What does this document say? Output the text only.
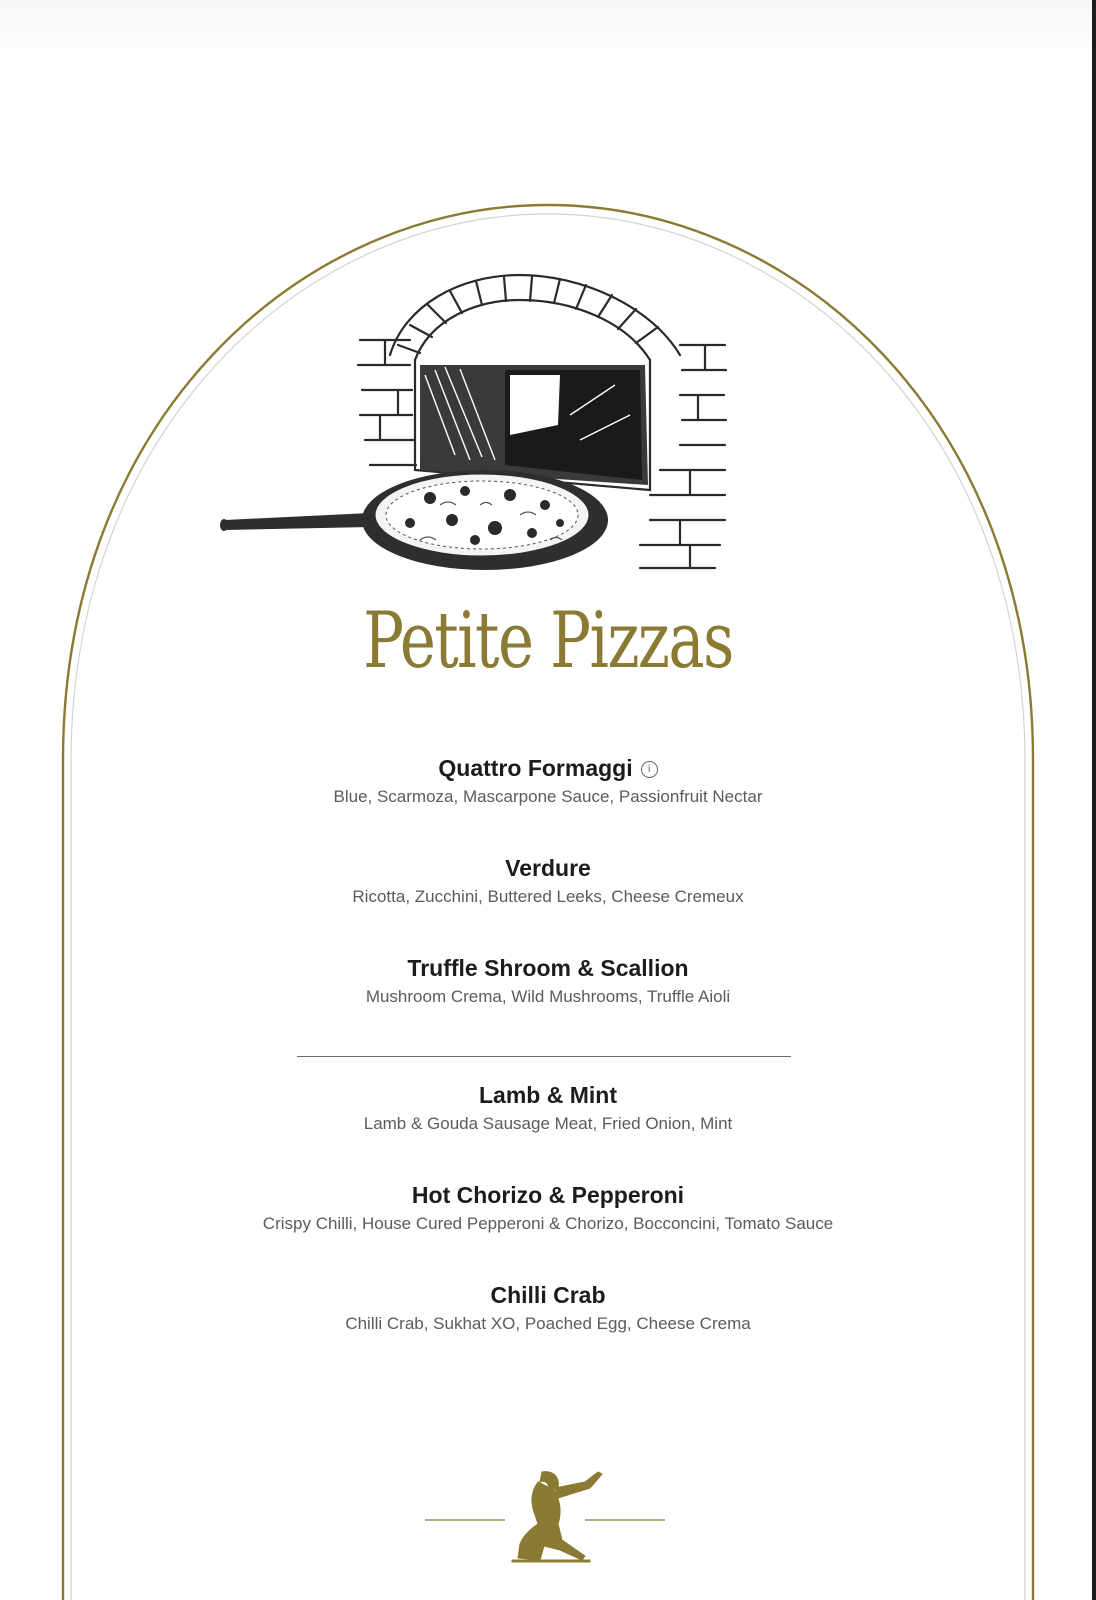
Petite Pizzas
Quattro Formaggi i
Blue, Scarmoza, Mascarpone Sauce, Passionfruit Nectar
Verdure
Ricotta, Zucchini, Buttered Leeks, Cheese Cremeux
Truffle Shroom & Scallion
Mushroom Crema, Wild Mushrooms, Truffle Aioli
Lamb & Mint
Lamb & Gouda Sausage Meat, Fried Onion, Mint
Hot Chorizo & Pepperoni
Crispy Chilli, House Cured Pepperoni & Chorizo, Bocconcini, Tomato Sauce
Chilli Crab
Chilli Crab, Sukhat XO, Poached Egg, Cheese Crema
